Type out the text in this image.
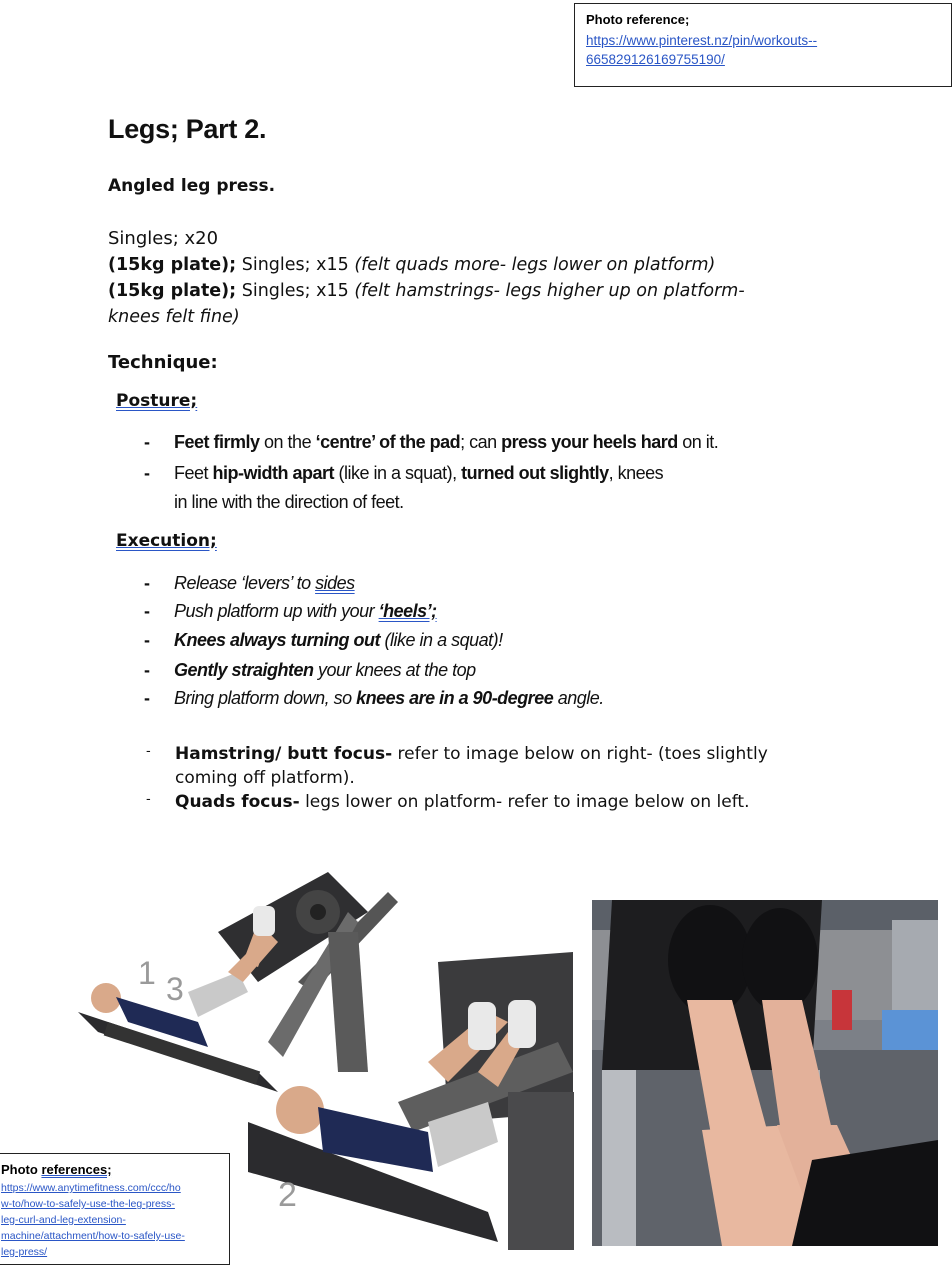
Photo reference;
https://www.pinterest.nz/pin/workouts--
665829126169755190/
Legs; Part 2.
Angled leg press.
Singles; x20
(15kg plate); Singles; x15 (felt quads more- legs lower on platform)
(15kg plate); Singles; x15 (felt hamstrings- legs higher up on platform-
knees felt fine)
Technique:
Posture;
- Feet firmly on the ‘centre’ of the pad; can press your heels hard on it.
- Feet hip-width apart (like in a squat), turned out slightly, knees
in line with the direction of feet.
Execution;
- Release ‘levers’ to sides
- Push platform up with your ‘heels’;
- Knees always turning out (like in a squat)!
- Gently straighten your knees at the top
- Bring platform down, so knees are in a 90-degree angle.
- Hamstring/ butt focus- refer to image below on right- (toes slightly
coming off platform).
- Quads focus- legs lower on platform- refer to image below on left.
1 3
2
Photo references;
https://www.anytimefitness.com/ccc/ho
w-to/how-to-safely-use-the-leg-press-
leg-curl-and-leg-extension-
machine/attachment/how-to-safely-use-
leg-press/
